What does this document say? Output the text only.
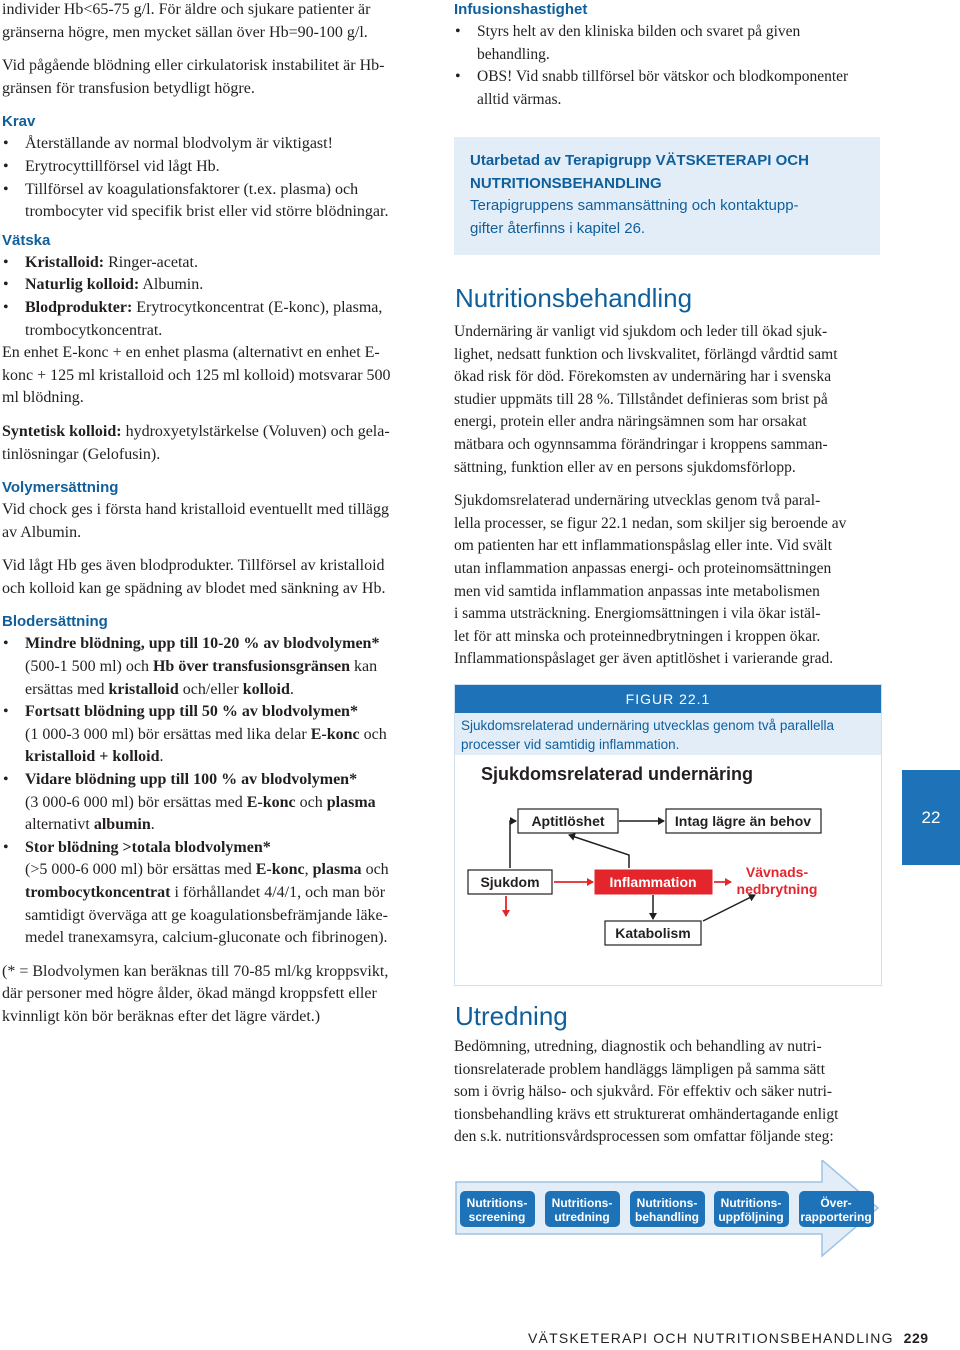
individer Hb<65-75 g/l. För äldre och sjukare patienter är

gränserna högre, men mycket sällan över Hb=90-100 g/l.

Vid pågående blödning eller cirkulatorisk instabilitet är Hb-

gränsen för transfusion betydligt högre.

Krav
• Återställande av normal blodvolym är viktigast!
• Erytrocyttillförsel vid lågt Hb.
• Tillförsel av koagulationsfaktorer (t.ex. plasma) och trombocyter vid specifik brist eller vid större blödningar.
Vätska
• Kristalloid: Ringer-acetat.
• Naturlig kolloid: Albumin.
• Blodprodukter: Erytrocytkoncentrat (E-konc), plasma, trombocytkoncentrat.

En enhet E-konc + en enhet plasma (alternativt en enhet E-

konc + 125 ml kristalloid och 125 ml kolloid) motsvarar 500

ml blödning.

Syntetisk kolloid: hydroxyetylstärkelse (Voluven) och gela-

tinlösningar (Gelofusin).

Volymersättning

Vid chock ges i första hand kristalloid eventuellt med tillägg

av Albumin.

Vid lågt Hb ges även blodprodukter. Tillförsel av kristalloid

och kolloid kan ge spädning av blodet med sänkning av Hb.

Blodersättning
• Mindre blödning, upp till 10-20 % av blodvolymen*
(500-1 500 ml) och Hb över transfusionsgränsen kan
ersättas med kristalloid och/eller kolloid.
• Fortsatt blödning upp till 50 % av blodvolymen*
(1 000-3 000 ml) bör ersättas med lika delar E-konc och
kristalloid + kolloid.
• Vidare blödning upp till 100 % av blodvolymen*
(3 000-6 000 ml) bör ersättas med E-konc och plasma
alternativt albumin.
• Stor blödning >totala blodvolymen*
(>5 000-6 000 ml) bör ersättas med E-konc, plasma och
trombocytkoncentrat i förhållandet 4/4/1, och man bör
samtidigt överväga att ge koagulationsbefrämjande läke-
medel tranexamsyra, calcium-gluconate och fibrinogen).

(* = Blodvolymen kan beräknas till 70-85 ml/kg kroppsvikt,

där personer med högre ålder, ökad mängd kroppsfett eller

kvinnligt kön bör beräknas efter det lägre värdet.)

Infusionshastighet
• Styrs helt av den kliniska bilden och svaret på given behandling.
• OBS! Vid snabb tillförsel bör vätskor och blodkomponenter alltid värmas.
Utarbetad av Terapigrupp VÄTSKETERAPI OCH
NUTRITIONSBEHANDLING
Terapigruppens sammansättning och kontaktupp-
gifter återfinns i kapitel 26.
Nutritionsbehandling

Undernäring är vanligt vid sjukdom och leder till ökad sjuk-

lighet, nedsatt funktion och livskvalitet, förlängd vårdtid samt

ökad risk för död. Förekomsten av undernäring har i svenska

studier uppmäts till 28 %. Tillståndet definieras som brist på

energi, protein eller andra näringsämnen som har orsakat

mätbara och ogynnsamma förändringar i kroppens samman-

sättning, funktion eller av en persons sjukdomsförlopp.

Sjukdomsrelaterad undernäring utvecklas genom två paral-

lella processer, se figur 22.1 nedan, som skiljer sig beroende av

om patienten har ett inflammationspåslag eller inte. Vid svält

utan inflammation anpassas energi- och proteinomsättningen

men vid samtida inflammation anpassas inte metabolismen

i samma utsträckning. Energiomsättningen i vila ökar istäl-

let för att minska och proteinnedbrytningen i kroppen ökar.

Inflammationspåslaget ger även aptitlöshet i varierande grad.

FIGUR 22.1
Sjukdomsrelaterad undernäring utvecklas genom två parallella
processer vid samtidig inflammation.
Sjukdomsrelaterad undernäring
Aptitlöshet	Intag lägre än behov
Sjukdom	Inflammation
Vävnads-
nedbrytning
Katabolism
Utredning

Bedömning, utredning, diagnostik och behandling av nutri-

tionsrelaterade problem handläggs lämpligen på samma sätt

som i övrig hälso- och sjukvård. För effektiv och säker nutri-

tionsbehandling krävs ett strukturerat omhändertagande enligt

den s.k. nutritionsvårdsprocessen som omfattar följande steg:

Nutritions-
screening
Nutritions-
utredning
Nutritions-
behandling
Nutritions-
uppföljning
Över-
rapportering
22
VÄTSKETERAPI OCH NUTRITIONSBEHANDLING 229
